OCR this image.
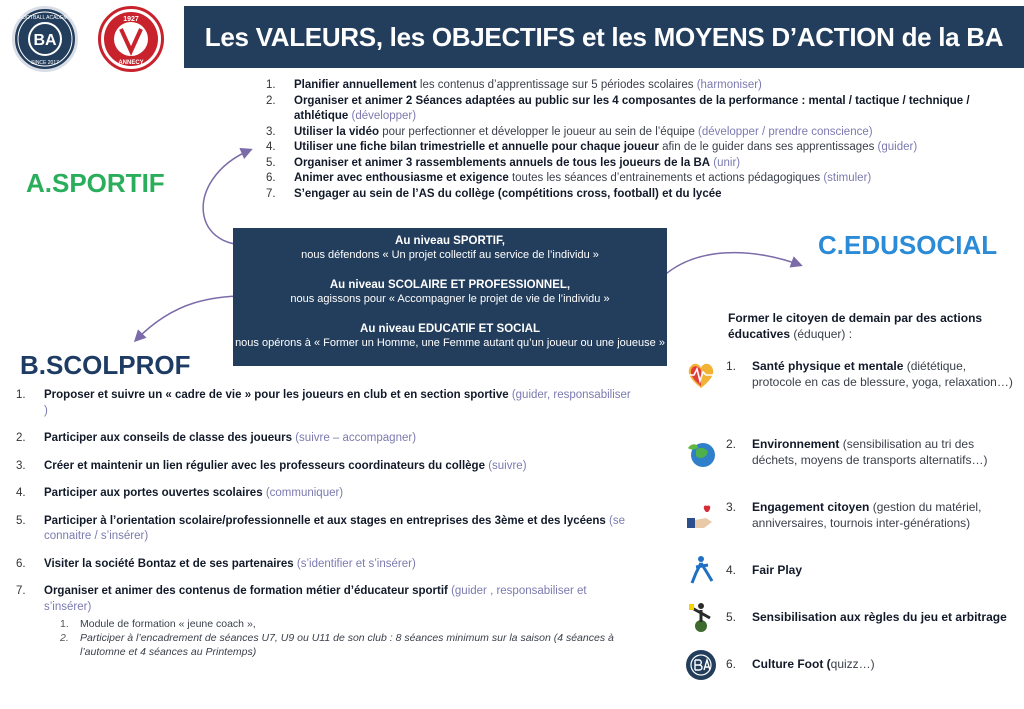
BA
FOOTBALL ACADEMY
SINCE 2017
1927
ANNECY
Les VALEURS, les OBJECTIFS et les MOYENS D’ACTION de la BA
A.SPORTIF
1. Planifier annuellement les contenus d’apprentissage sur 5 périodes scolaires (harmoniser)
2. Organiser et animer 2 Séances adaptées au public sur les 4 composantes de la performance : mental / tactique / technique / athlétique (développer)
3. Utiliser la vidéo pour perfectionner et développer le joueur au sein de l’équipe (développer / prendre conscience)
4. Utiliser une fiche bilan trimestrielle et annuelle pour chaque joueur afin de le guider dans ses apprentissages (guider)
5. Organiser et animer 3 rassemblements annuels de tous les joueurs de la BA (unir)
6. Animer avec enthousiasme et exigence toutes les séances d’entrainements et actions pédagogiques (stimuler)
7. S’engager au sein de l’AS du collège (compétitions cross, football) et du lycée
Au niveau SPORTIF,
nous défendons « Un projet collectif au service de l’individu »
Au niveau SCOLAIRE ET PROFESSIONNEL,
nous agissons pour « Accompagner le projet de vie de l’individu »
Au niveau EDUCATIF ET SOCIAL
nous opérons à « Former un Homme, une Femme autant qu’un joueur ou une joueuse »
C.EDUSOCIAL
Former le citoyen de demain par des actions éducatives (éduquer) :
1. Santé physique et mentale (diététique, protocole en cas de blessure, yoga, relaxation…)
2. Environnement (sensibilisation au tri des déchets, moyens de transports alternatifs…)
3. Engagement citoyen (gestion du matériel, anniversaires, tournois inter-générations)
4. Fair Play
5. Sensibilisation aux règles du jeu et arbitrage
6. Culture Foot (quizz…)
B.SCOLPROF
1. Proposer et suivre un « cadre de vie » pour les joueurs en club et en section sportive (guider, responsabiliser )
2. Participer aux conseils de classe des joueurs (suivre – accompagner)
3. Créer et maintenir un lien régulier avec les professeurs coordinateurs du collège (suivre)
4. Participer aux portes ouvertes scolaires (communiquer)
5. Participer à l’orientation scolaire/professionnelle et aux stages en entreprises des 3ème et des lycéens (se connaitre / s’insérer)
6. Visiter la société Bontaz et de ses partenaires (s’identifier et s’insérer)
7. Organiser et animer des contenus de formation métier d’éducateur sportif (guider , responsabiliser et s’insérer)
1. Module de formation « jeune coach »,
2. Participer à l’encadrement de séances U7, U9 ou U11 de son club : 8 séances minimum sur la saison (4 séances à l’automne et 4 séances au Printemps)
